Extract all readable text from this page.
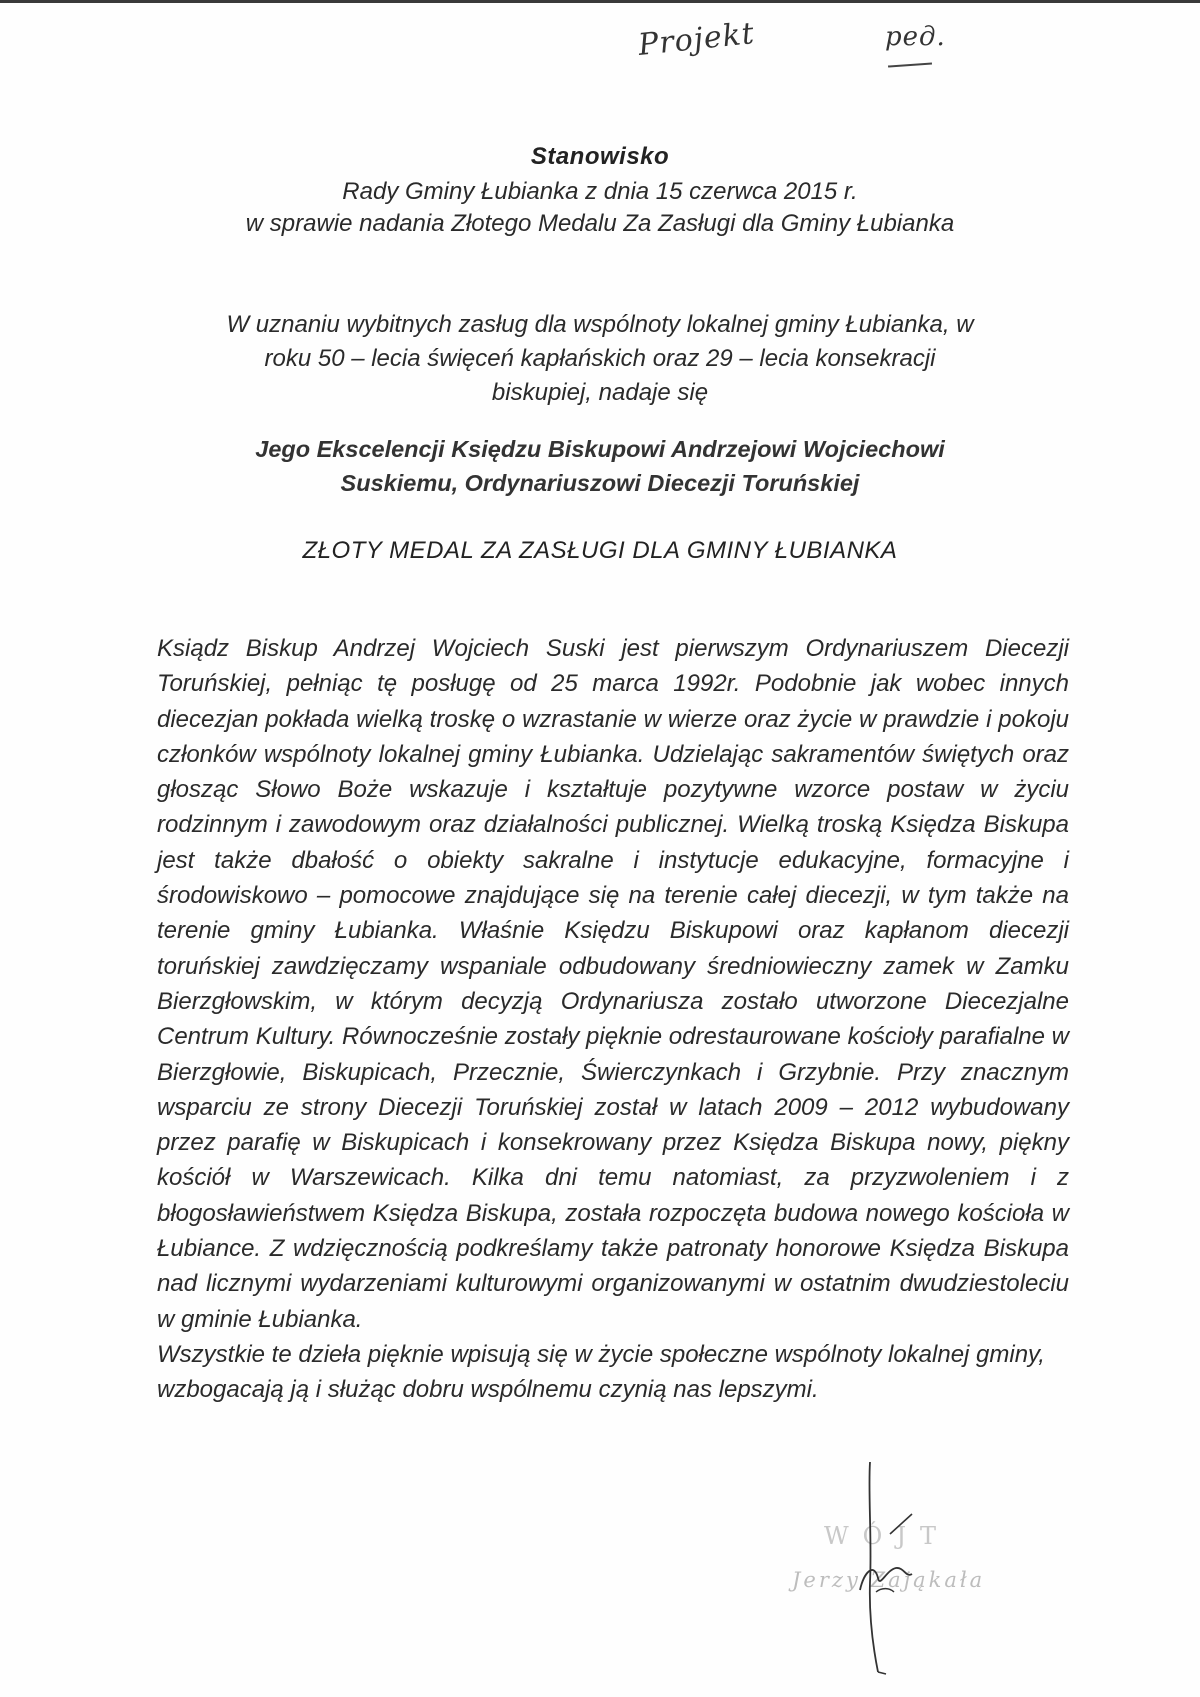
Projekt	ред.
Stanowisko
Rady Gminy Łubianka z dnia 15 czerwca 2015 r.
w sprawie nadania Złotego Medalu Za Zasługi dla Gminy Łubianka
W uznaniu wybitnych zasług dla wspólnoty lokalnej gminy Łubianka, w
roku 50 – lecia święceń kapłańskich oraz 29 – lecia konsekracji
biskupiej, nadaje się
Jego Ekscelencji Księdzu Biskupowi Andrzejowi Wojciechowi
Suskiemu, Ordynariuszowi Diecezji Toruńskiej
ZŁOTY MEDAL ZA ZASŁUGI DLA GMINY ŁUBIANKA

Ksiądz Biskup Andrzej Wojciech Suski jest pierwszym Ordynariuszem Diecezji Toruńskiej, pełniąc tę posługę od 25 marca 1992r. Podobnie jak wobec innych diecezjan pokłada wielką troskę o wzrastanie w wierze oraz życie w prawdzie i pokoju członków wspólnoty lokalnej gminy Łubianka. Udzielając sakramentów świętych oraz głosząc Słowo Boże wskazuje i kształtuje pozytywne wzorce postaw w życiu rodzinnym i zawodowym oraz działalności publicznej. Wielką troską Księdza Biskupa jest także dbałość o obiekty sakralne i instytucje edukacyjne, formacyjne i środowiskowo – pomocowe znajdujące się na terenie całej diecezji, w tym także na terenie gminy Łubianka. Właśnie Księdzu Biskupowi oraz kapłanom diecezji toruńskiej zawdzięczamy wspaniale odbudowany średniowieczny zamek w Zamku Bierzgłowskim, w którym decyzją Ordynariusza zostało utworzone Diecezjalne Centrum Kultury. Równocześnie zostały pięknie odrestaurowane kościoły parafialne w Bierzgłowie, Biskupicach, Przecznie, Świerczynkach i Grzybnie. Przy znacznym wsparciu ze strony Diecezji Toruńskiej został w latach 2009 – 2012 wybudowany przez parafię w Biskupicach i konsekrowany przez Księdza Biskupa nowy, piękny kościół w Warszewicach. Kilka dni temu natomiast, za przyzwoleniem i z błogosławieństwem Księdza Biskupa, została rozpoczęta budowa nowego kościoła w Łubiance. Z wdzięcznością podkreślamy także patronaty honorowe Księdza Biskupa nad licznymi wydarzeniami kulturowymi organizowanymi w ostatnim dwudziestoleciu w gminie Łubianka.

Wszystkie te dzieła pięknie wpisują się w życie społeczne wspólnoty lokalnej gminy, wzbogacają ją i służąc dobru wspólnemu czynią nas lepszymi.

WÓJT
Jerzy Zająkała
